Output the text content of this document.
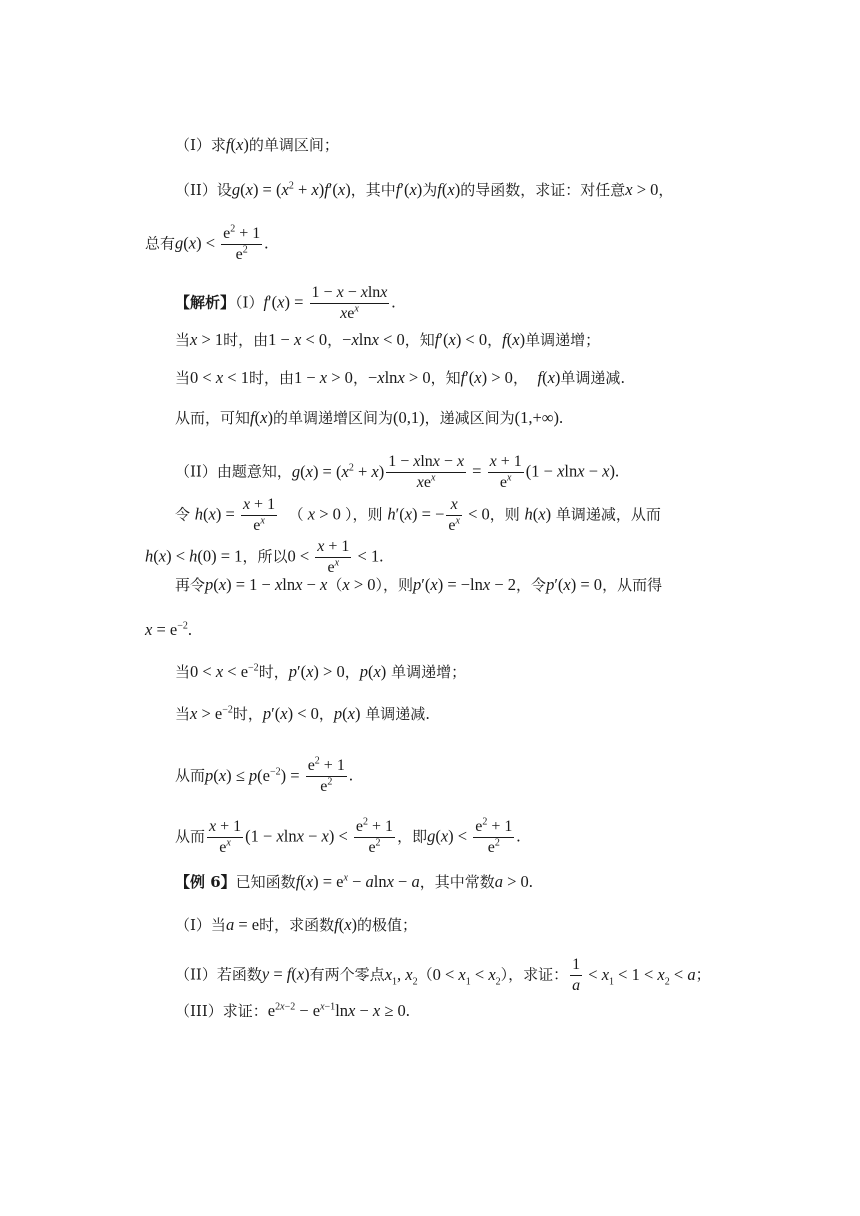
（I）求f(x)的单调区间；
（II）设$g(x) = (x^2 + x)f'(x)$，其中f′(x)为f(x)的导函数，求证：对任意x > 0，
总有$g(x) < \frac{e^2 + 1}{e^2}$ .
【解析】$(I)f'(x) = \frac{1 - x - xlnx}{xe^x}$ .
当x > 1时，由1 − x < 0，−xlnx < 0，知f′(x) < 0，f(x)单调递增；
当0 < x < 1时，由1 − x > 0，−xlnx > 0，知f′(x) > 0， f(x)单调递减.
从而，可知f(x)的单调递增区间为(0,1)，递减区间为(1,+∞).
（II）由题意知，$g(x) = (x^2 + x) \frac{1 - xlnx - x}{xe^x} = \frac{x + 1}{e^x} (1 - xlnx - x)$.
令 $h(x) = \frac{x + 1}{e^x}$ （ x > 0 ），则 h′(x) = − $\frac{x}{e^x} < 0$，则 h(x) 单调递减，从而
h(x) < h(0) = 1，所以$0 < \frac{x + 1}{e^x} < 1$.
再令p(x) = 1 − xlnx − x（x > 0），则p′(x) = −lnx − 2，令p′(x) = 0，从而得
$x = e^{-2}$.
当$0 < x < e^{-2}$时，p′(x) > 0，p(x) 单调递增；
当$x > e^{-2}$时，p′(x) < 0，p(x) 单调递减.
从而$p(x) \le p(e^{-2}) = \frac{e^2 + 1}{e^2}$ .
从而 $\frac{x + 1}{e^x} (1 - xlnx - x) < \frac{e^2 + 1}{e^2}$ ，即$g(x) < \frac{e^2 + 1}{e^2}$ .
【例 6】已知函数$f(x) = e^x - alnx - a$，其中常数a > 0.
（I）当a = e时，求函数f(x)的极值；
（II）若函数y = f(x)有两个零点$x_1$, $x_2(0 < x_1 < x_2)$，求证： $\frac{1}{a} < x_1 < 1 < x_2 < a$；
（III）求证：$e^{2x-2} - e^{x-1}\ln x - x \ge 0$.
